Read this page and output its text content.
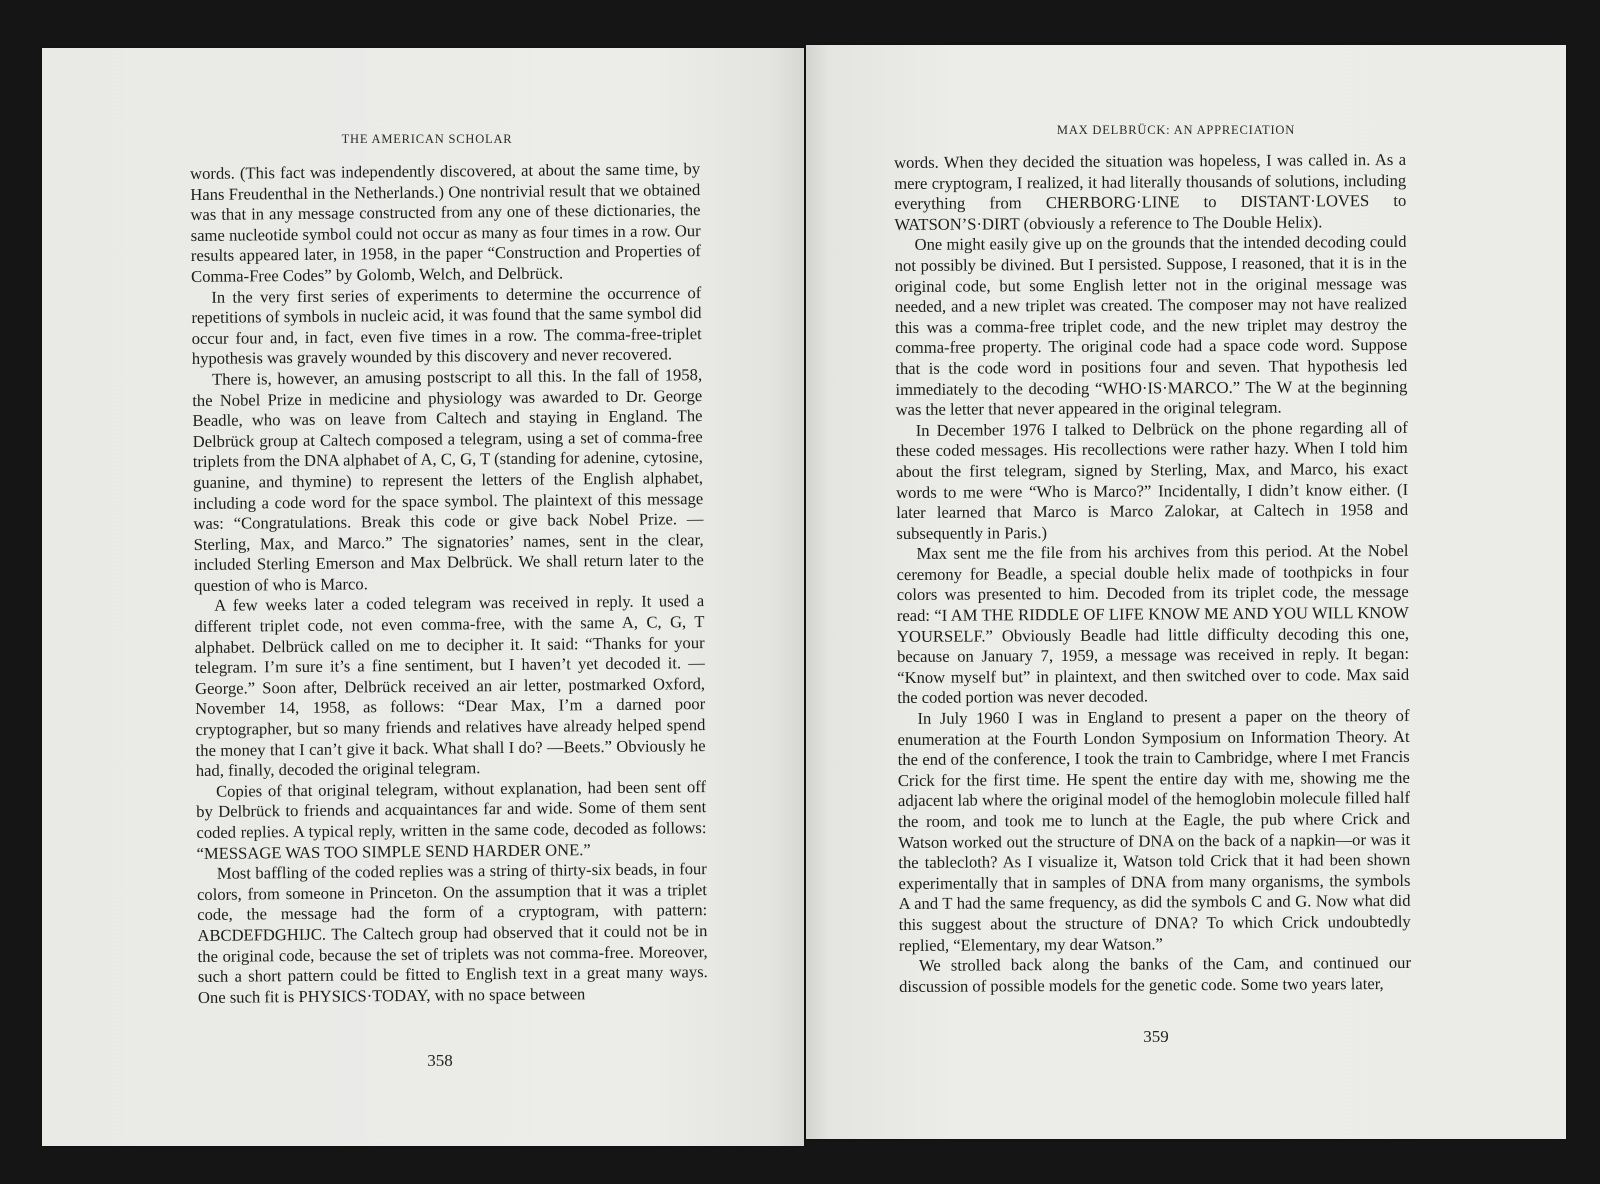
THE AMERICAN SCHOLAR

words. (This fact was independently discovered, at about the same time, by Hans Freudenthal in the Netherlands.) One nontrivial result that we obtained was that in any message constructed from any one of these dictionaries, the same nucleotide symbol could not occur as many as four times in a row. Our results appeared later, in 1958, in the paper “Construction and Properties of Comma-Free Codes” by Golomb, Welch, and Delbrück.

In the very first series of experiments to determine the occurrence of repetitions of symbols in nucleic acid, it was found that the same symbol did occur four and, in fact, even five times in a row. The comma-free-triplet hypothesis was gravely wounded by this discovery and never recovered.

There is, however, an amusing postscript to all this. In the fall of 1958, the Nobel Prize in medicine and physiology was awarded to Dr. George Beadle, who was on leave from Caltech and staying in England. The Delbrück group at Caltech composed a telegram, using a set of comma-free triplets from the DNA alphabet of A, C, G, T (standing for adenine, cytosine, guanine, and thymine) to represent the letters of the English alphabet, including a code word for the space symbol. The plaintext of this message was: “Congratulations. Break this code or give back Nobel Prize. —Sterling, Max, and Marco.” The signatories’ names, sent in the clear, included Sterling Emerson and Max Delbrück. We shall return later to the question of who is Marco.

A few weeks later a coded telegram was received in reply. It used a different triplet code, not even comma-free, with the same A, C, G, T alphabet. Delbrück called on me to decipher it. It said: “Thanks for your telegram. I’m sure it’s a fine sentiment, but I haven’t yet decoded it. —George.” Soon after, Delbrück received an air letter, postmarked Oxford, November 14, 1958, as follows: “Dear Max, I’m a darned poor cryptographer, but so many friends and relatives have already helped spend the money that I can’t give it back. What shall I do? —Beets.” Obviously he had, finally, decoded the original telegram.

Copies of that original telegram, without explanation, had been sent off by Delbrück to friends and acquaintances far and wide. Some of them sent coded replies. A typical reply, written in the same code, decoded as follows: “MESSAGE WAS TOO SIMPLE SEND HARDER ONE.”

Most baffling of the coded replies was a string of thirty-six beads, in four colors, from someone in Princeton. On the assumption that it was a triplet code, the message had the form of a cryptogram, with pattern: ABCDEFDGHIJC. The Caltech group had observed that it could not be in the original code, because the set of triplets was not comma-free. Moreover, such a short pattern could be fitted to English text in a great many ways. One such fit is PHYSICS·TODAY, with no space between

358
MAX DELBRÜCK: AN APPRECIATION

words. When they decided the situation was hopeless, I was called in. As a mere cryptogram, I realized, it had literally thousands of solutions, including everything from CHERBORG·LINE to DISTANT·LOVES to WATSON’S·DIRT (obviously a reference to The Double Helix).

One might easily give up on the grounds that the intended decoding could not possibly be divined. But I persisted. Suppose, I reasoned, that it is in the original code, but some English letter not in the original message was needed, and a new triplet was created. The composer may not have realized this was a comma-free triplet code, and the new triplet may destroy the comma-free property. The original code had a space code word. Suppose that is the code word in positions four and seven. That hypothesis led immediately to the decoding “WHO·IS·MARCO.” The W at the beginning was the letter that never appeared in the original telegram.

In December 1976 I talked to Delbrück on the phone regarding all of these coded messages. His recollections were rather hazy. When I told him about the first telegram, signed by Sterling, Max, and Marco, his exact words to me were “Who is Marco?” Incidentally, I didn’t know either. (I later learned that Marco is Marco Zalokar, at Caltech in 1958 and subsequently in Paris.)

Max sent me the file from his archives from this period. At the Nobel ceremony for Beadle, a special double helix made of toothpicks in four colors was presented to him. Decoded from its triplet code, the message read: “I AM THE RIDDLE OF LIFE KNOW ME AND YOU WILL KNOW YOURSELF.” Obviously Beadle had little difficulty decoding this one, because on January 7, 1959, a message was received in reply. It began: “Know myself but” in plaintext, and then switched over to code. Max said the coded portion was never decoded.

In July 1960 I was in England to present a paper on the theory of enumeration at the Fourth London Symposium on Information Theory. At the end of the conference, I took the train to Cambridge, where I met Francis Crick for the first time. He spent the entire day with me, showing me the adjacent lab where the original model of the hemoglobin molecule filled half the room, and took me to lunch at the Eagle, the pub where Crick and Watson worked out the structure of DNA on the back of a napkin—or was it the tablecloth? As I visualize it, Watson told Crick that it had been shown experimentally that in samples of DNA from many organisms, the symbols A and T had the same frequency, as did the symbols C and G. Now what did this suggest about the structure of DNA? To which Crick undoubtedly replied, “Elementary, my dear Watson.”

We strolled back along the banks of the Cam, and continued our discussion of possible models for the genetic code. Some two years later,

359
